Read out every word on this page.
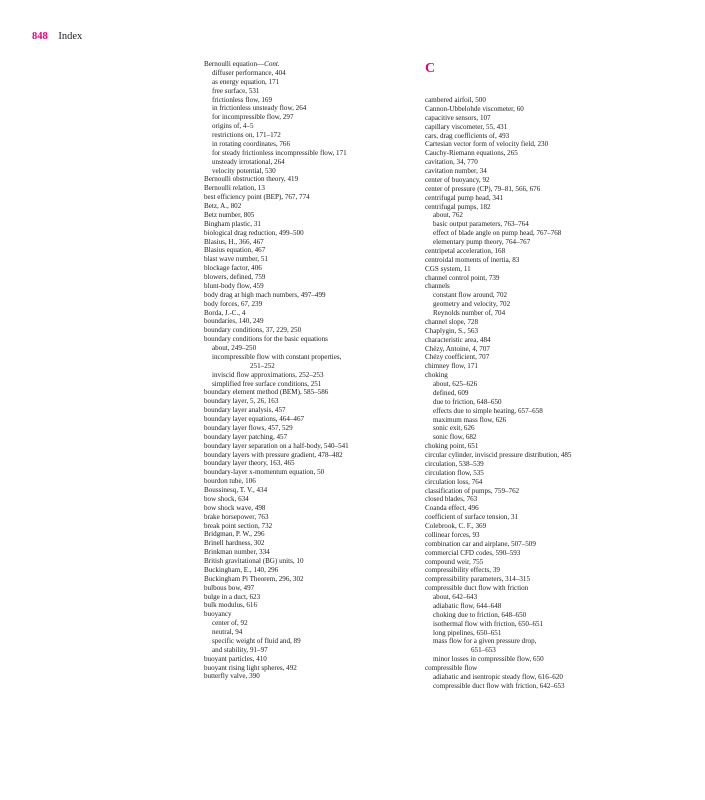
848 Index
Bernoulli equation—Cont.
diffuser performance, 404
as energy equation, 171
free surface, 531
frictionless flow, 169
in frictionless unsteady flow, 264
for incompressible flow, 297
origins of, 4–5
restrictions on, 171–172
in rotating coordinates, 766
for steady frictionless incompressible flow, 171
unsteady irrotational, 264
velocity potential, 530
Bernoulli obstruction theory, 419
Bernoulli relation, 13
best efficiency point (BEP), 767, 774
Betz, A., 802
Betz number, 805
Bingham plastic, 31
biological drag reduction, 499–500
Blasius, H., 366, 467
Blasius equation, 467
blast wave number, 51
blockage factor, 406
blowers, defined, 759
blunt-body flow, 459
body drag at high mach numbers, 497–499
body forces, 67, 239
Borda, J.-C., 4
boundaries, 140, 249
boundary conditions, 37, 229, 250
boundary conditions for the basic equations
about, 249–250
incompressible flow with constant properties,
251–252
inviscid flow approximations, 252–253
simplified free surface conditions, 251
boundary element method (BEM), 585–586
boundary layer, 5, 26, 163
boundary layer analysis, 457
boundary layer equations, 464–467
boundary layer flows, 457, 529
boundary layer patching, 457
boundary layer separation on a half-body, 540–541
boundary layers with pressure gradient, 478–482
boundary layer theory, 163, 465
boundary-layer x-momentum equation, 50
bourdon tube, 106
Boussinesq, T. V., 434
bow shock, 634
bow shock wave, 498
brake horsepower, 763
break point section, 732
Bridgman, P. W., 296
Brinell hardness, 302
Brinkman number, 334
British gravitational (BG) units, 10
Buckingham, E., 140, 296
Buckingham Pi Theorem, 296, 302
bulbous bow, 497
bulge in a duct, 623
bulk modulus, 616
buoyancy
center of, 92
neutral, 94
specific weight of fluid and, 89
and stability, 91–97
buoyant particles, 410
buoyant rising light spheres, 492
butterfly valve, 390
C
cambered airfoil, 500
Cannon-Ubbelohde viscometer, 60
capacitive sensors, 107
capillary viscometer, 55, 431
cars, drag coefficients of, 493
Cartesian vector form of velocity field, 230
Cauchy-Riemann equations, 265
cavitation, 34, 770
cavitation number, 34
center of buoyancy, 92
center of pressure (CP), 79–81, 566, 676
centrifugal pump head, 341
centrifugal pumps, 182
about, 762
basic output parameters, 763–764
effect of blade angle on pump head, 767–768
elementary pump theory, 764–767
centripetal acceleration, 168
centroidal moments of inertia, 83
CGS system, 11
channel control point, 739
channels
constant flow around, 702
geometry and velocity, 702
Reynolds number of, 704
channel slope, 728
Chaplygin, S., 563
characteristic area, 484
Chézy, Antoine, 4, 707
Chézy coefficient, 707
chimney flow, 171
choking
about, 625–626
defined, 609
due to friction, 648–650
effects due to simple heating, 657–658
maximum mass flow, 626
sonic exit, 626
sonic flow, 682
choking point, 651
circular cylinder, inviscid pressure distribution, 485
circulation, 538–539
circulation flow, 535
circulation loss, 764
classification of pumps, 759–762
closed blades, 763
Coanda effect, 496
coefficient of surface tension, 31
Colebrook, C. F., 369
collinear forces, 93
combination car and airplane, 507–509
commercial CFD codes, 590–593
compound weir, 755
compressibility effects, 39
compressibility parameters, 314–315
compressible duct flow with friction
about, 642–643
adiabatic flow, 644–648
choking due to friction, 648–650
isothermal flow with friction, 650–651
long pipelines, 650–651
mass flow for a given pressure drop,
651–653
minor losses in compressible flow, 650
compressible flow
adiabatic and isentropic steady flow, 616–620
compressible duct flow with friction, 642–653
